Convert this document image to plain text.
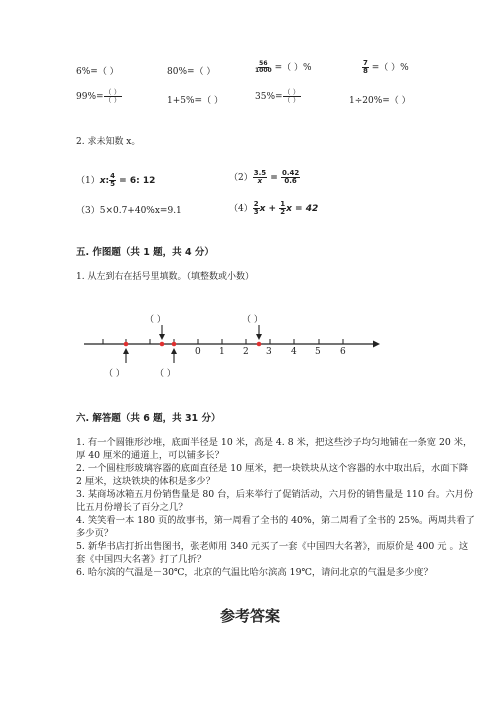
6%=（ ）	80%=（ ）	$\frac{56}{1000}$ =（ ）%	$\frac{7}{8}$ =（ ）%
$99\%= \frac{( )}{( )}$	1+5%=（ ）	$35\%= \frac{( )}{( )}$	1÷20%=（ ）
2. 求未知数 x。
（1）x: $\frac{4}{5} = 6$: 12	$(2) \frac{3.5}{x} = \frac{0.42}{0.6}$
（3）5×0.7+40%x=9.1	$(4) \frac{2}{3}$ $x + \frac{1}{2}$ x = 42
五. 作图题（共 1 题，共 4 分）
1. 从左到右在括号里填数。（填整数或小数）
0 1 2 3 4 5 6
（ ）	（ ）
（ ）	（ ）
六. 解答题（共 6 题，共 31 分）
1. 有一个圆锥形沙堆，底面半径是 10 米，高是 4. 8 米，把这些沙子均匀地铺在一条宽 20 米，厚 40 厘米的通道上，可以铺多长？
2. 一个圆柱形玻璃容器的底面直径是 10 厘米，把一块铁块从这个容器的水中取出后，水面下降 2 厘米，这块铁块的体积是多少？
3. 某商场冰箱五月份销售量是 80 台，后来举行了促销活动，六月份的销售量是 110 台。六月份比五月份增长了百分之几？
4. 笑笑看一本 180 页的故事书，第一周看了全书的 40%，第二周看了全书的 25%。两周共看了多少页？
5. 新华书店打折出售图书，张老师用 340 元买了一套《中国四大名著》，而原价是 400 元 。这套《中国四大名著》打了几折？
6. 哈尔滨的气温是－30℃，北京的气温比哈尔滨高 19℃，请问北京的气温是多少度？
参考答案
